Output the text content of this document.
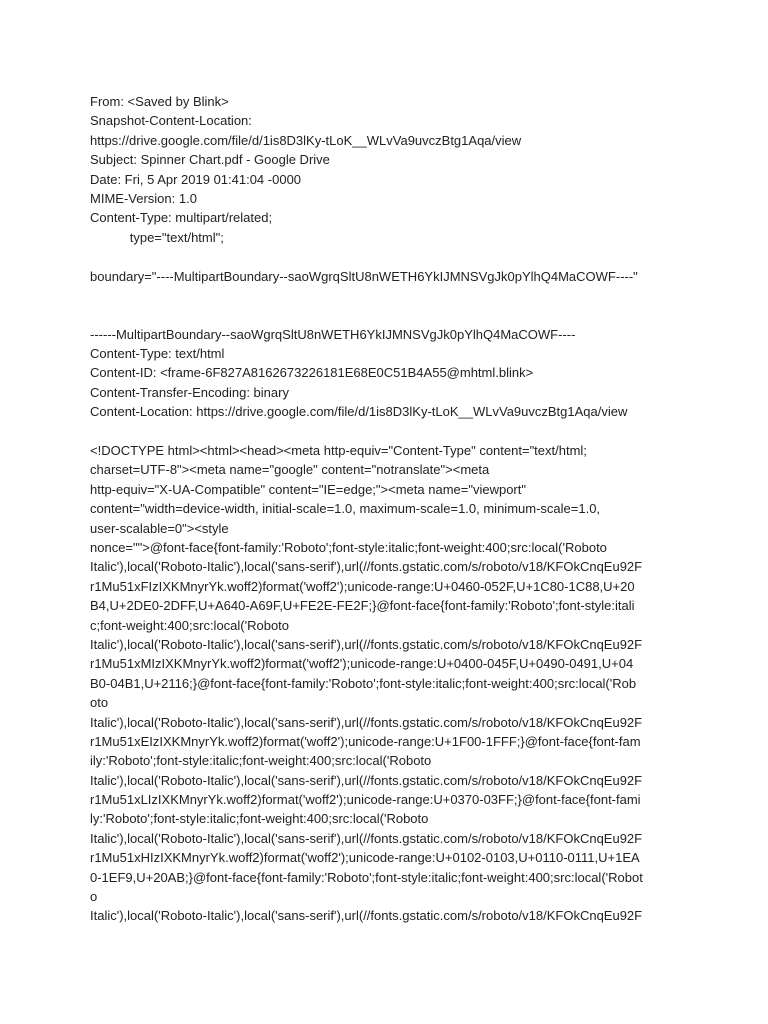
From: <Saved by Blink>
Snapshot-Content-Location:
https://drive.google.com/file/d/1is8D3lKy-tLoK__WLvVa9uvczBtg1Aqa/view
Subject: Spinner Chart.pdf - Google Drive
Date: Fri, 5 Apr 2019 01:41:04 -0000
MIME-Version: 1.0
Content-Type: multipart/related;
type="text/html";
boundary="----MultipartBoundary--saoWgrqSltU8nWETH6YkIJMNSVgJk0pYlhQ4MaCOWF----"
------MultipartBoundary--saoWgrqSltU8nWETH6YkIJMNSVgJk0pYlhQ4MaCOWF----
Content-Type: text/html
Content-ID: <frame-6F827A8162673226181E68E0C51B4A55@mhtml.blink>
Content-Transfer-Encoding: binary
Content-Location: https://drive.google.com/file/d/1is8D3lKy-tLoK__WLvVa9uvczBtg1Aqa/view
<!DOCTYPE html><html><head><meta http-equiv="Content-Type" content="text/html;
charset=UTF-8"><meta name="google" content="notranslate"><meta
http-equiv="X-UA-Compatible" content="IE=edge;"><meta name="viewport"
content="width=device-width, initial-scale=1.0, maximum-scale=1.0, minimum-scale=1.0,
user-scalable=0"><style
nonce="">@font-face{font-family:'Roboto';font-style:italic;font-weight:400;src:local('Roboto
Italic'),local('Roboto-Italic'),local('sans-serif'),url(//fonts.gstatic.com/s/roboto/v18/KFOkCnqEu92F
r1Mu51xFIzIXKMnyrYk.woff2)format('woff2');unicode-range:U+0460-052F,U+1C80-1C88,U+20
B4,U+2DE0-2DFF,U+A640-A69F,U+FE2E-FE2F;}@font-face{font-family:'Roboto';font-style:itali
c;font-weight:400;src:local('Roboto
Italic'),local('Roboto-Italic'),local('sans-serif'),url(//fonts.gstatic.com/s/roboto/v18/KFOkCnqEu92F
r1Mu51xMIzIXKMnyrYk.woff2)format('woff2');unicode-range:U+0400-045F,U+0490-0491,U+04
B0-04B1,U+2116;}@font-face{font-family:'Roboto';font-style:italic;font-weight:400;src:local('Rob
oto
Italic'),local('Roboto-Italic'),local('sans-serif'),url(//fonts.gstatic.com/s/roboto/v18/KFOkCnqEu92F
r1Mu51xEIzIXKMnyrYk.woff2)format('woff2');unicode-range:U+1F00-1FFF;}@font-face{font-fam
ily:'Roboto';font-style:italic;font-weight:400;src:local('Roboto
Italic'),local('Roboto-Italic'),local('sans-serif'),url(//fonts.gstatic.com/s/roboto/v18/KFOkCnqEu92F
r1Mu51xLIzIXKMnyrYk.woff2)format('woff2');unicode-range:U+0370-03FF;}@font-face{font-fami
ly:'Roboto';font-style:italic;font-weight:400;src:local('Roboto
Italic'),local('Roboto-Italic'),local('sans-serif'),url(//fonts.gstatic.com/s/roboto/v18/KFOkCnqEu92F
r1Mu51xHIzIXKMnyrYk.woff2)format('woff2');unicode-range:U+0102-0103,U+0110-0111,U+1EA
0-1EF9,U+20AB;}@font-face{font-family:'Roboto';font-style:italic;font-weight:400;src:local('Robot
o
Italic'),local('Roboto-Italic'),local('sans-serif'),url(//fonts.gstatic.com/s/roboto/v18/KFOkCnqEu92F
